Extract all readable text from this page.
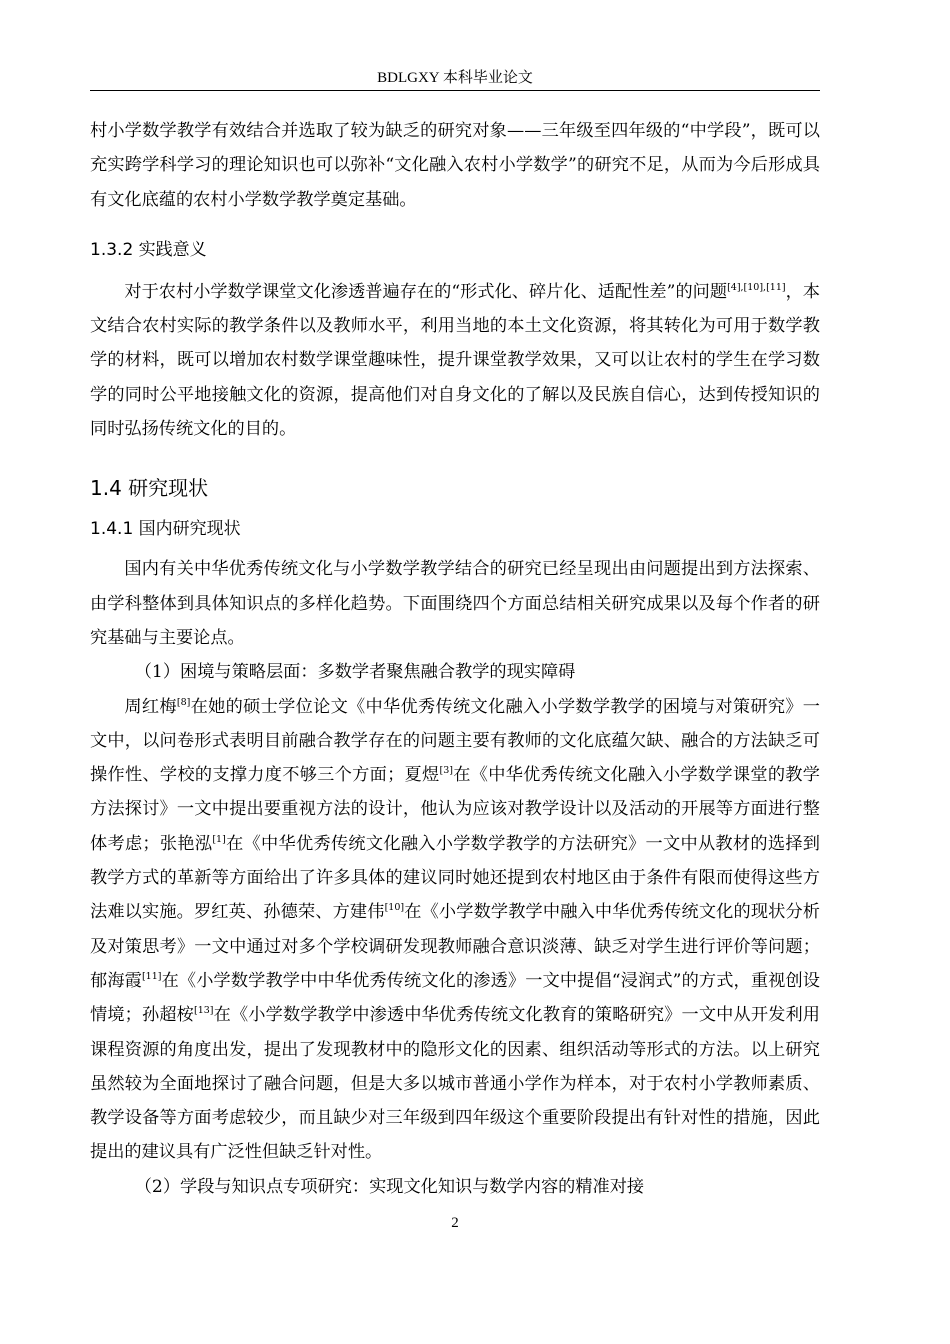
BDLGXY 本科毕业论文

村小学数学教学有效结合并选取了较为缺乏的研究对象——三年级至四年级的“中学段”，既可以充实跨学科学习的理论知识也可以弥补“文化融入农村小学数学”的研究不足，从而为今后形成具有文化底蕴的农村小学数学教学奠定基础。

1.3.2 实践意义

对于农村小学数学课堂文化渗透普遍存在的“形式化、碎片化、适配性差”的问题[4],[10],[11]，本文结合农村实际的教学条件以及教师水平，利用当地的本土文化资源，将其转化为可用于数学教学的材料，既可以增加农村数学课堂趣味性，提升课堂教学效果，又可以让农村的学生在学习数学的同时公平地接触文化的资源，提高他们对自身文化的了解以及民族自信心，达到传授知识的同时弘扬传统文化的目的。

1.4 研究现状
1.4.1 国内研究现状

国内有关中华优秀传统文化与小学数学教学结合的研究已经呈现出由问题提出到方法探索、由学科整体到具体知识点的多样化趋势。下面围绕四个方面总结相关研究成果以及每个作者的研究基础与主要论点。

（1）困境与策略层面：多数学者聚焦融合教学的现实障碍

周红梅[8]在她的硕士学位论文《中华优秀传统文化融入小学数学教学的困境与对策研究》一文中，以问卷形式表明目前融合教学存在的问题主要有教师的文化底蕴欠缺、融合的方法缺乏可操作性、学校的支撑力度不够三个方面；夏煜[3]在《中华优秀传统文化融入小学数学课堂的教学方法探讨》一文中提出要重视方法的设计，他认为应该对教学设计以及活动的开展等方面进行整体考虑；张艳泓[1]在《中华优秀传统文化融入小学数学教学的方法研究》一文中从教材的选择到教学方式的革新等方面给出了许多具体的建议同时她还提到农村地区由于条件有限而使得这些方法难以实施。罗红英、孙德荣、方建伟[10]在《小学数学教学中融入中华优秀传统文化的现状分析及对策思考》一文中通过对多个学校调研发现教师融合意识淡薄、缺乏对学生进行评价等问题；郁海霞[11]在《小学数学教学中中华优秀传统文化的渗透》一文中提倡“浸润式”的方式，重视创设情境；孙超桉[13]在《小学数学教学中渗透中华优秀传统文化教育的策略研究》一文中从开发利用课程资源的角度出发，提出了发现教材中的隐形文化的因素、组织活动等形式的方法。以上研究虽然较为全面地探讨了融合问题，但是大多以城市普通小学作为样本，对于农村小学教师素质、教学设备等方面考虑较少，而且缺少对三年级到四年级这个重要阶段提出有针对性的措施，因此提出的建议具有广泛性但缺乏针对性。

（2）学段与知识点专项研究：实现文化知识与数学内容的精准对接

2
